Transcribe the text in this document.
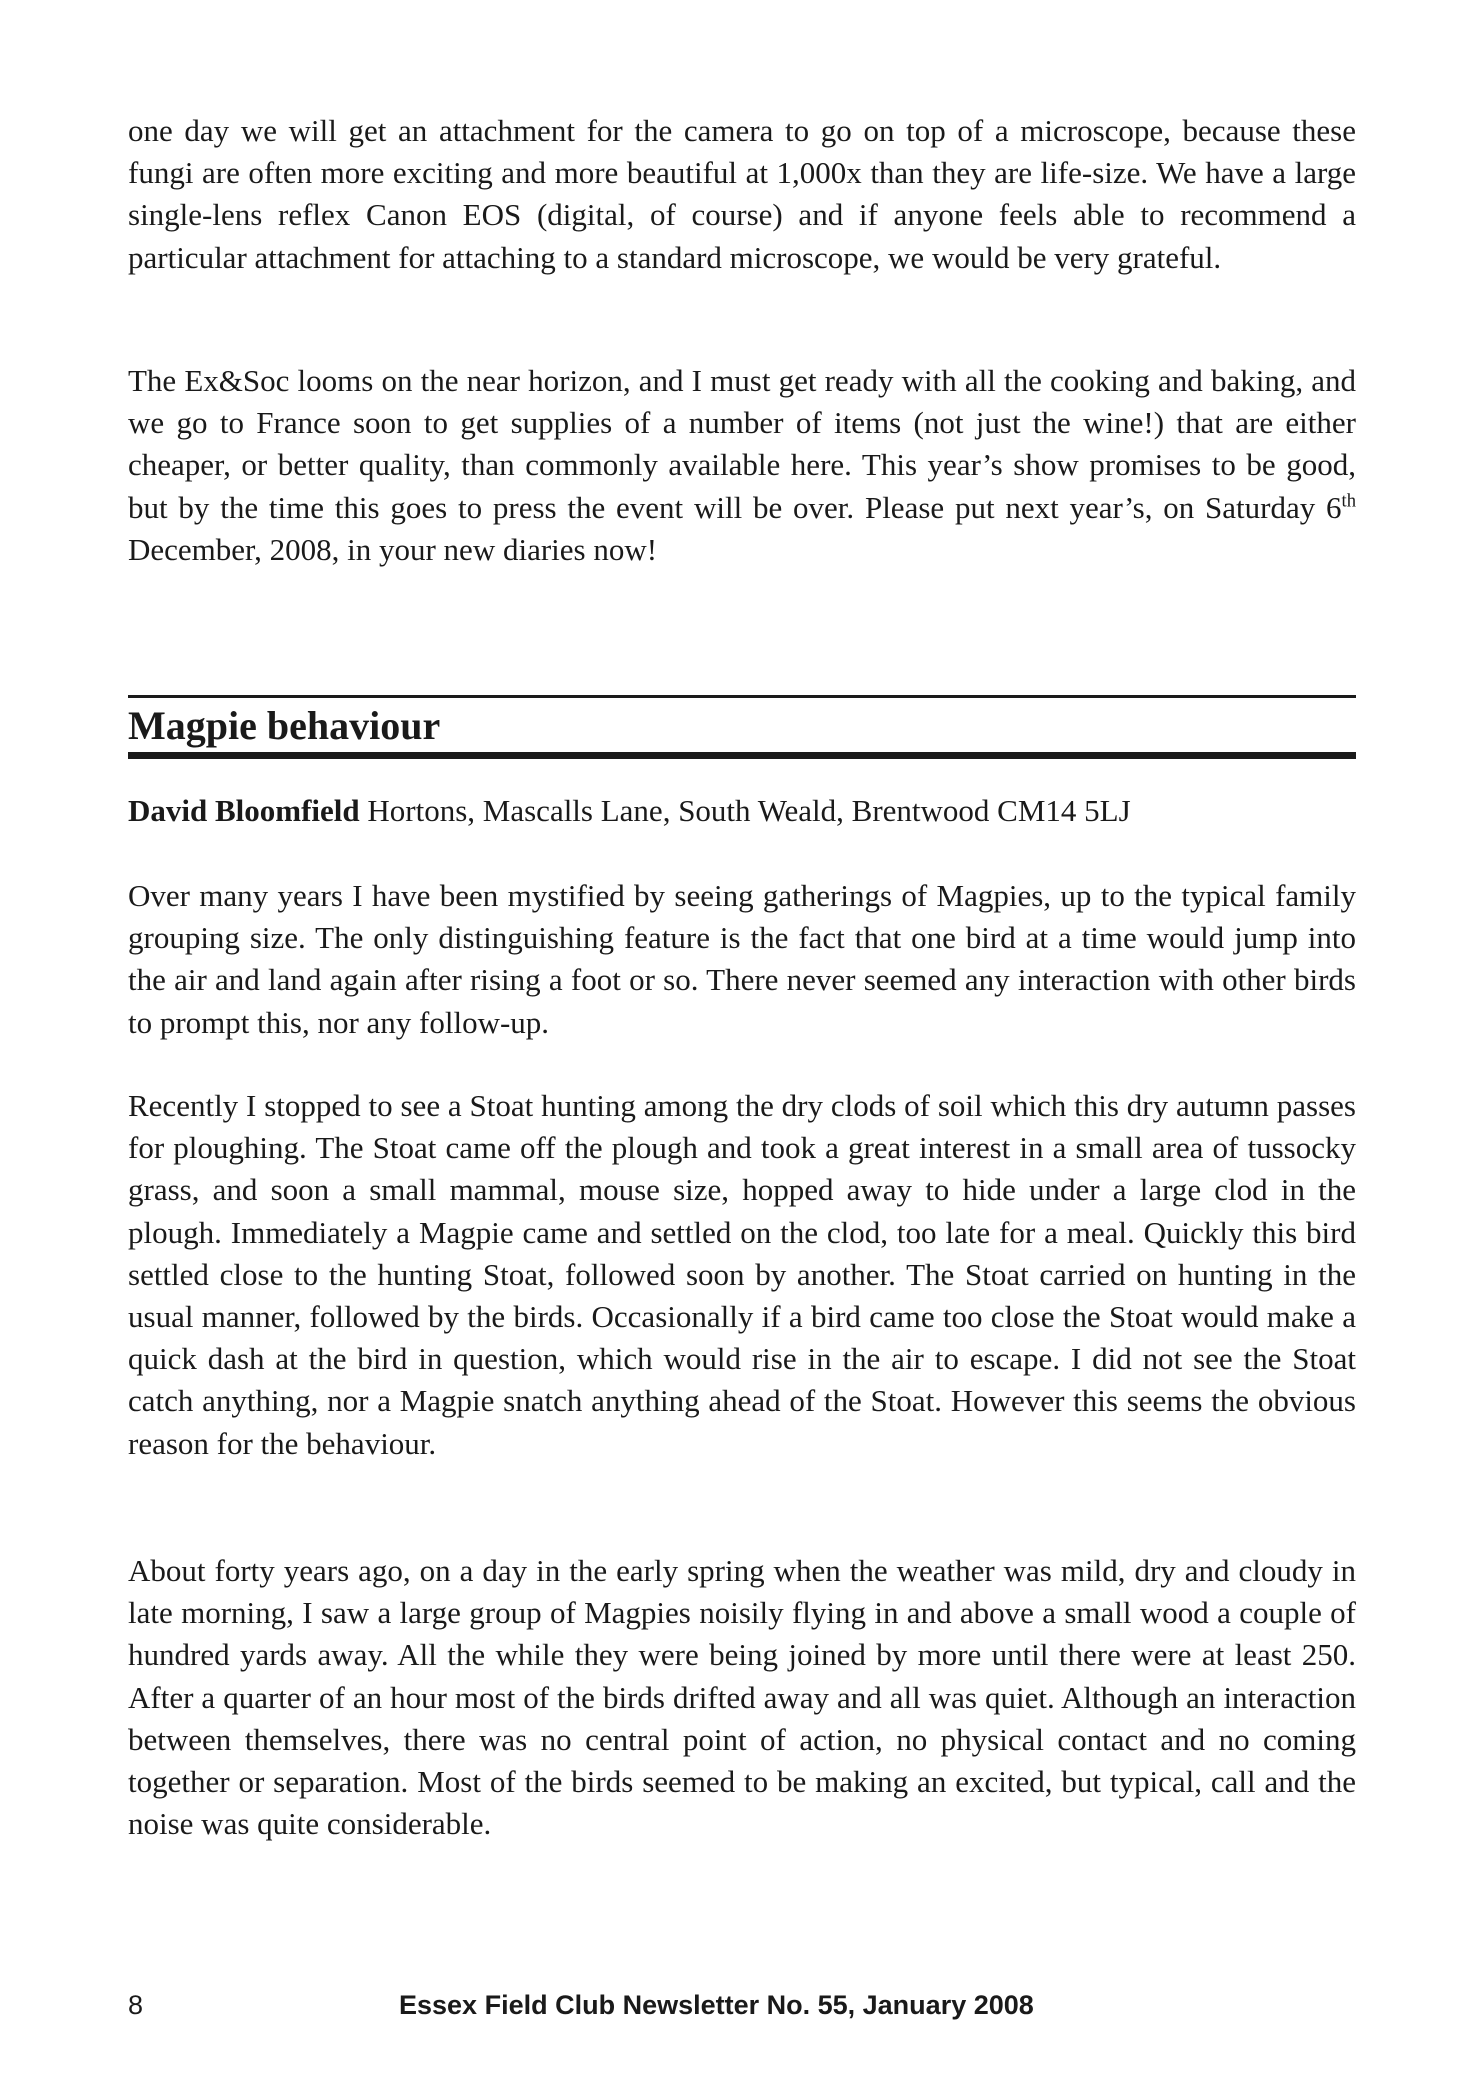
one day we will get an attachment for the camera to go on top of a microscope, because these fungi are often more exciting and more beautiful at 1,000x than they are life-size. We have a large single-lens reflex Canon EOS (digital, of course) and if anyone feels able to recommend a particular attachment for attaching to a standard microscope, we would be very grateful.

The Ex&Soc looms on the near horizon, and I must get ready with all the cooking and baking, and we go to France soon to get supplies of a number of items (not just the wine!) that are either cheaper, or better quality, than commonly available here. This year’s show promises to be good, but by the time this goes to press the event will be over. Please put next year’s, on Saturday 6th December, 2008, in your new diaries now!

Magpie behaviour
David Bloomfield Hortons, Mascalls Lane, South Weald, Brentwood CM14 5LJ

Over many years I have been mystified by seeing gatherings of Magpies, up to the typical family grouping size. The only distinguishing feature is the fact that one bird at a time would jump into the air and land again after rising a foot or so. There never seemed any interaction with other birds to prompt this, nor any follow-up.

Recently I stopped to see a Stoat hunting among the dry clods of soil which this dry autumn passes for ploughing. The Stoat came off the plough and took a great interest in a small area of tussocky grass, and soon a small mammal, mouse size, hopped away to hide under a large clod in the plough. Immediately a Magpie came and settled on the clod, too late for a meal. Quickly this bird settled close to the hunting Stoat, followed soon by another. The Stoat carried on hunting in the usual manner, followed by the birds. Occasionally if a bird came too close the Stoat would make a quick dash at the bird in question, which would rise in the air to escape. I did not see the Stoat catch anything, nor a Magpie snatch anything ahead of the Stoat. However this seems the obvious reason for the behaviour.

About forty years ago, on a day in the early spring when the weather was mild, dry and cloudy in late morning, I saw a large group of Magpies noisily flying in and above a small wood a couple of hundred yards away. All the while they were being joined by more until there were at least 250. After a quarter of an hour most of the birds drifted away and all was quiet. Although an interaction between themselves, there was no central point of action, no physical contact and no coming together or separation. Most of the birds seemed to be making an excited, but typical, call and the noise was quite considerable.

8	Essex Field Club Newsletter No. 55, January 2008
